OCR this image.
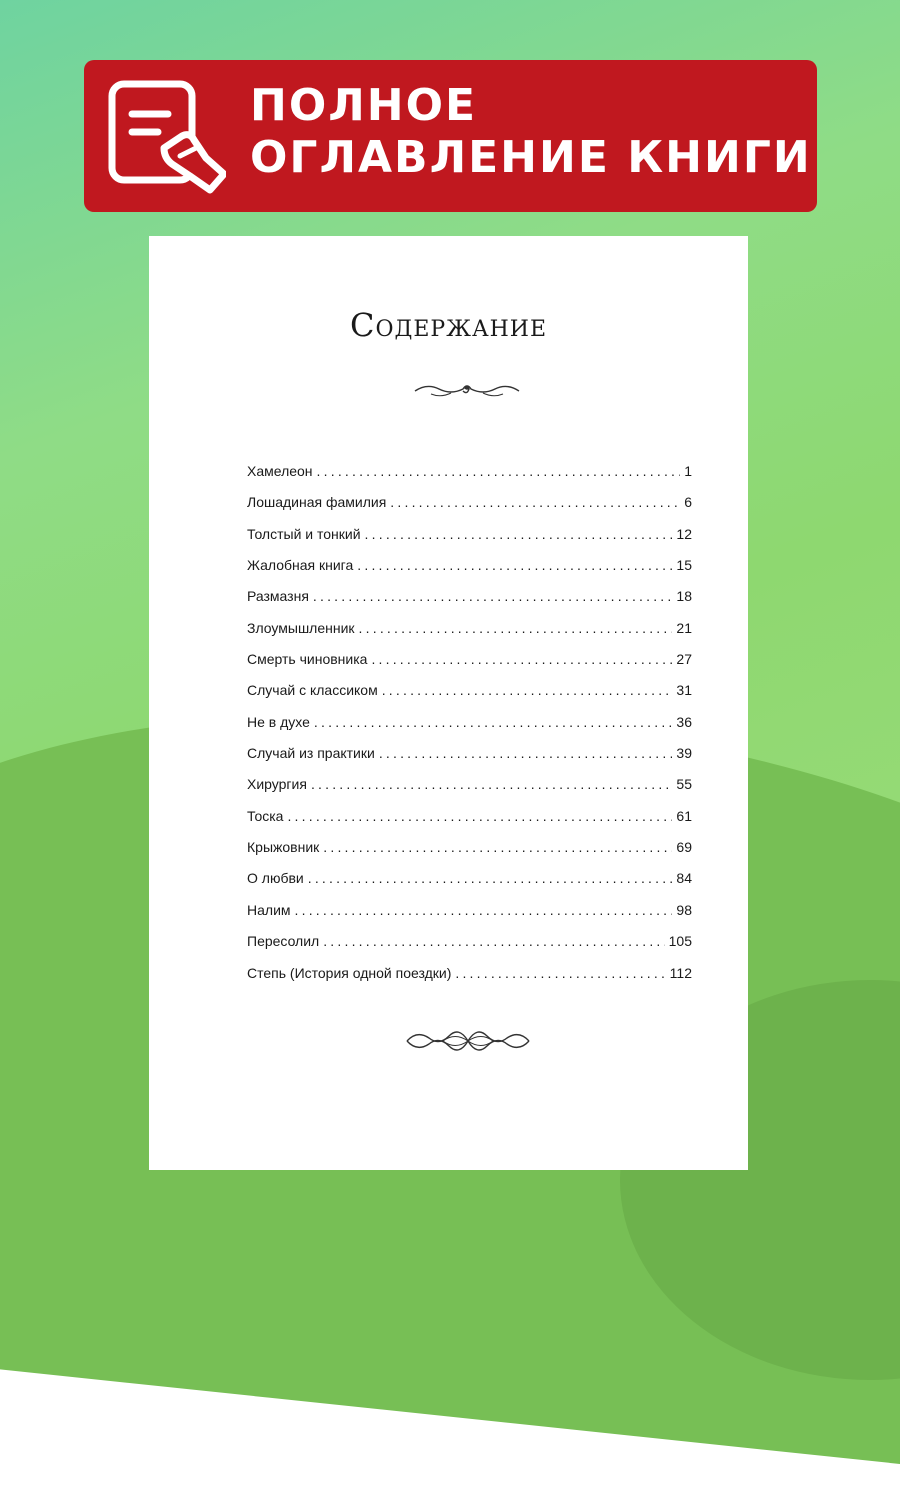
ПОЛНОЕ
ОГЛАВЛЕНИЕ КНИГИ
Содержание
Хамелеон .....	1
Лошадиная фамилия .....	6
Толстый и тонкий .....	12
Жалобная книга .....	15
Размазня .....	18
Злоумышленник .....	21
Смерть чиновника .....	27
Случай с классиком .....	31
Не в духе .....	36
Случай из практики .....	39
Хирургия .....	55
Тоска .....	61
Крыжовник .....	69
О любви .....	84
Налим .....	98
Пересолил .....	105
Степь (История одной поездки) .....	112
